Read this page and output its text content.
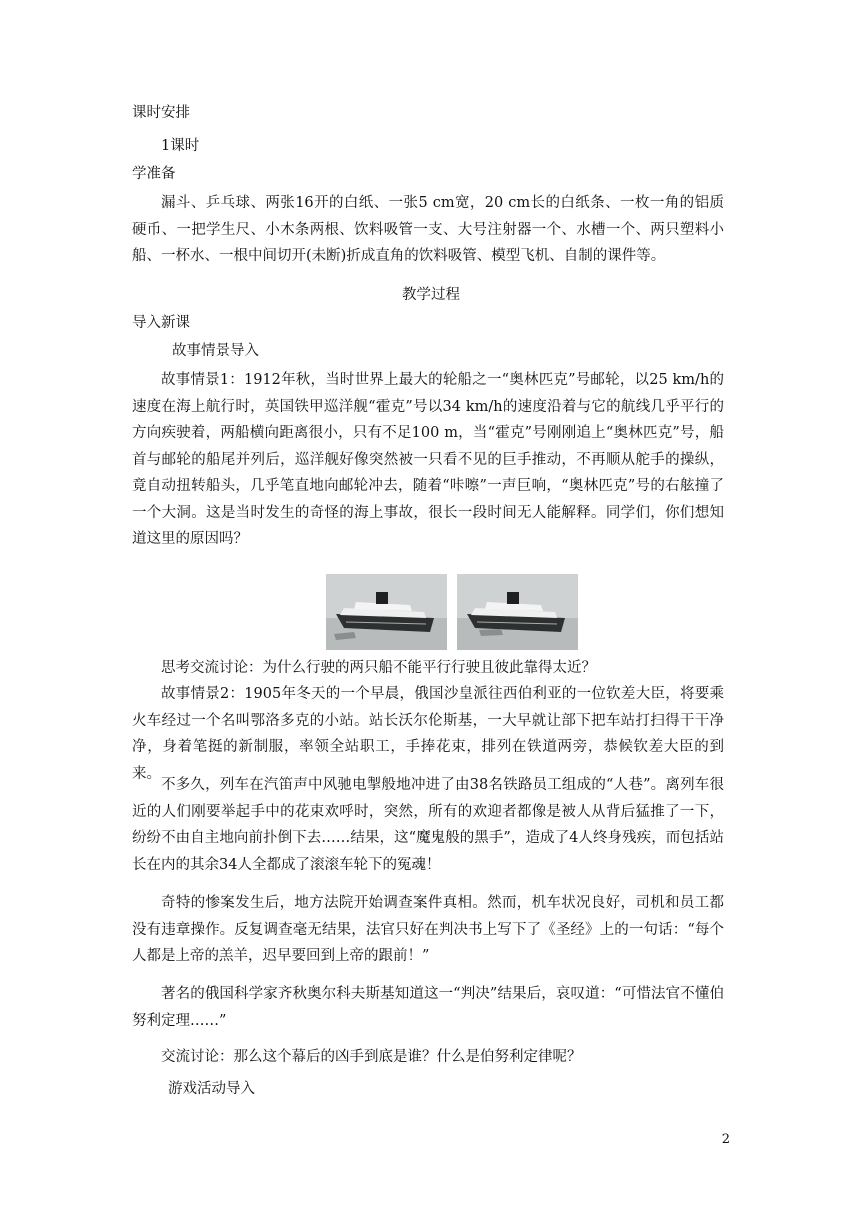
课时安排
1课时
学准备
漏斗、乒乓球、两张16开的白纸、一张5 cm宽，20 cm长的白纸条、一枚一角的铝质硬币、一把学生尺、小木条两根、饮料吸管一支、大号注射器一个、水槽一个、两只塑料小船、一杯水、一根中间切开(未断)折成直角的饮料吸管、模型飞机、自制的课件等。
教学过程
导入新课
故事情景导入
故事情景1：1912年秋，当时世界上最大的轮船之一“奥林匹克”号邮轮，以25 km/h的速度在海上航行时，英国铁甲巡洋舰“霍克”号以34 km/h的速度沿着与它的航线几乎平行的方向疾驶着，两船横向距离很小，只有不足100 m，当“霍克”号刚刚追上“奥林匹克”号，船首与邮轮的船尾并列后，巡洋舰好像突然被一只看不见的巨手推动，不再顺从舵手的操纵，竟自动扭转船头，几乎笔直地向邮轮冲去，随着“咔嚓”一声巨响，“奥林匹克”号的右舷撞了一个大洞。这是当时发生的奇怪的海上事故，很长一段时间无人能解释。同学们，你们想知道这里的原因吗？
思考交流讨论：为什么行驶的两只船不能平行行驶且彼此靠得太近？
故事情景2：1905年冬天的一个早晨，俄国沙皇派往西伯利亚的一位钦差大臣，将要乘火车经过一个名叫鄂洛多克的小站。站长沃尔伦斯基，一大早就让部下把车站打扫得干干净净，身着笔挺的新制服，率领全站职工，手捧花束，排列在铁道两旁，恭候钦差大臣的到来。
不多久，列车在汽笛声中风驰电掣般地冲进了由38名铁路员工组成的“人巷”。离列车很近的人们刚要举起手中的花束欢呼时，突然，所有的欢迎者都像是被人从背后猛推了一下，纷纷不由自主地向前扑倒下去……结果，这“魔鬼般的黑手”，造成了4人终身残疾，而包括站长在内的其余34人全都成了滚滚车轮下的冤魂！
奇特的惨案发生后，地方法院开始调查案件真相。然而，机车状况良好，司机和员工都没有违章操作。反复调查毫无结果，法官只好在判决书上写下了《圣经》上的一句话：“每个人都是上帝的羔羊，迟早要回到上帝的跟前！”
著名的俄国科学家齐秋奥尔科夫斯基知道这一“判决”结果后，哀叹道：“可惜法官不懂伯努利定理……”
交流讨论：那么这个幕后的凶手到底是谁？什么是伯努利定律呢？
游戏活动导入
2
